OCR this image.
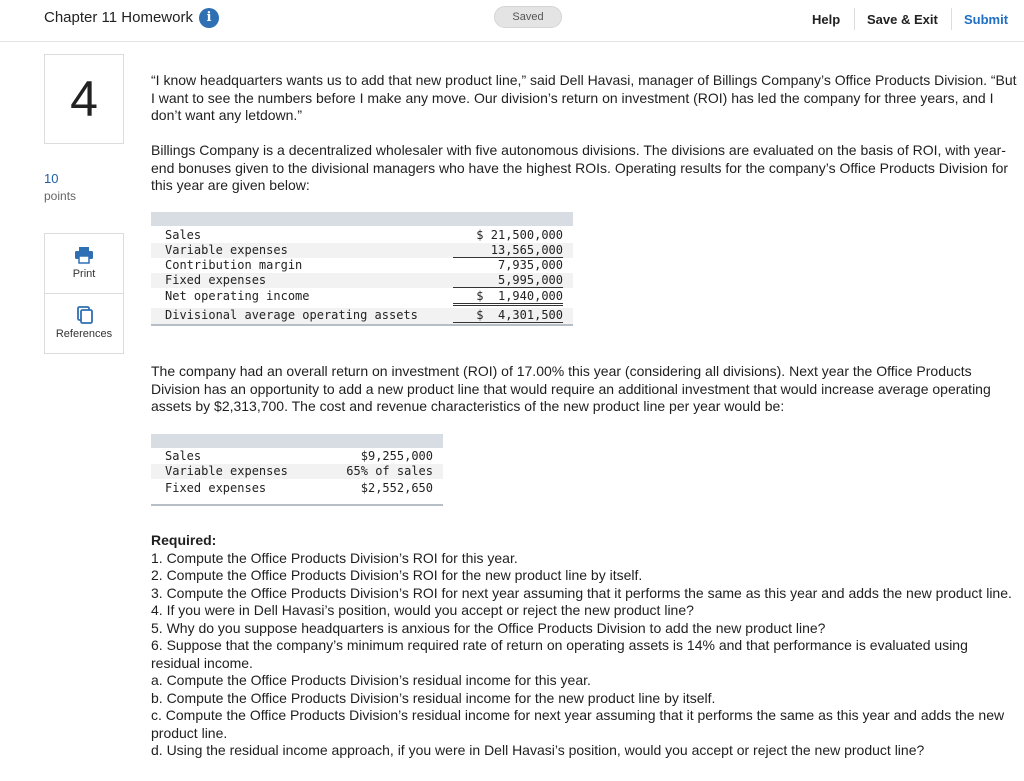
Chapter 11 Homework	i	Saved	Help Save & Exit Submit
4
10
points
Print
References

“I know headquarters wants us to add that new product line,” said Dell Havasi, manager of Billings Company’s Office Products Division. “But I want to see the numbers before I make any move. Our division’s return on investment (ROI) has led the company for three years, and I don’t want any letdown.”

Billings Company is a decentralized wholesaler with five autonomous divisions. The divisions are evaluated on the basis of ROI, with year-end bonuses given to the divisional managers who have the highest ROIs. Operating results for the company’s Office Products Division for this year are given below:

Sales	$ 21,500,000
Variable expenses	13,565,000
Contribution margin	7,935,000
Fixed expenses	5,995,000
Net operating income	$  1,940,000
Divisional average operating assets	$  4,301,500

The company had an overall return on investment (ROI) of 17.00% this year (considering all divisions). Next year the Office Products Division has an opportunity to add a new product line that would require an additional investment that would increase average operating assets by $2,313,700. The cost and revenue characteristics of the new product line per year would be:

Sales	$9,255,000
Variable expenses	65% of sales
Fixed expenses	$2,552,650
Required:
1. Compute the Office Products Division’s ROI for this year.
2. Compute the Office Products Division’s ROI for the new product line by itself.
3. Compute the Office Products Division’s ROI for next year assuming that it performs the same as this year and adds the new product line.
4. If you were in Dell Havasi’s position, would you accept or reject the new product line?
5. Why do you suppose headquarters is anxious for the Office Products Division to add the new product line?
6. Suppose that the company’s minimum required rate of return on operating assets is 14% and that performance is evaluated using residual income.
a. Compute the Office Products Division’s residual income for this year.
b. Compute the Office Products Division’s residual income for the new product line by itself.
c. Compute the Office Products Division’s residual income for next year assuming that it performs the same as this year and adds the new product line.
d. Using the residual income approach, if you were in Dell Havasi’s position, would you accept or reject the new product line?
